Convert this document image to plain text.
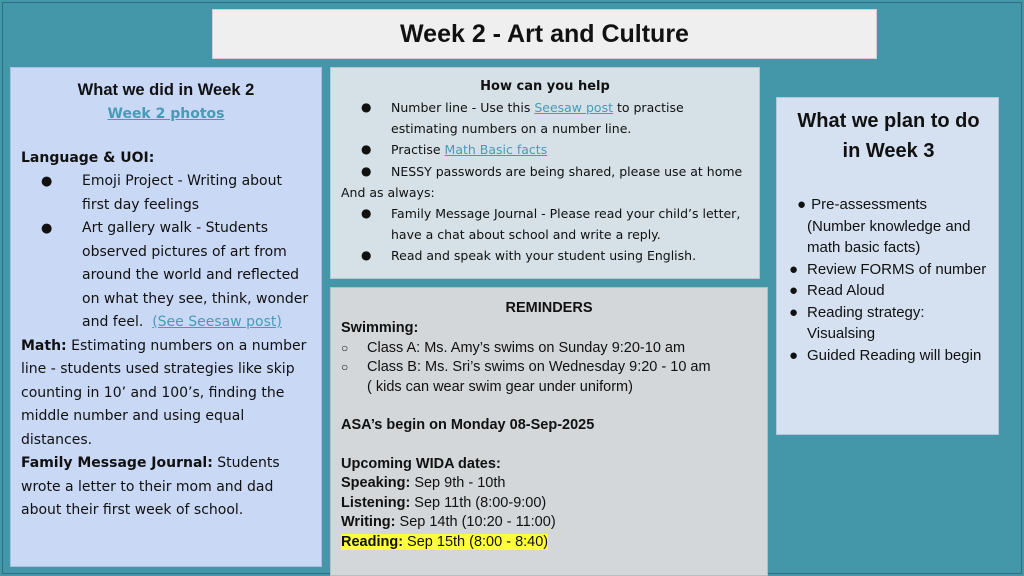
Week 2 - Art and Culture
What we did in Week 2
Week 2 photos
Language & UOI:
● Emoji Project - Writing about first day feelings
● Art gallery walk - Students observed pictures of art from around the world and reflected on what they see, think, wonder and feel. (See Seesaw post)
Math: Estimating numbers on a number line - students used strategies like skip counting in 10’ and 100’s, finding the middle number and using equal distances.
Family Message Journal: Students wrote a letter to their mom and dad about their first week of school.
How can you help
● Number line - Use this Seesaw post to practise estimating numbers on a number line.
● Practise Math Basic facts
● NESSY passwords are being shared, please use at home
And as always:
● Family Message Journal - Please read your child’s letter, have a chat about school and write a reply.
● Read and speak with your student using English.
REMINDERS
Swimming:
○ Class A: Ms. Amy’s swims on Sunday 9:20-10 am
○ Class B: Ms. Sri’s swims on Wednesday 9:20 - 10 am
( kids can wear swim gear under uniform)
ASA’s begin on Monday 08-Sep-2025
Upcoming WIDA dates:
Speaking: Sep 9th - 10th
Listening: Sep 11th (8:00-9:00)
Writing: Sep 14th (10:20 - 11:00)
Reading: Sep 15th (8:00 - 8:40)
What we plan to do in Week 3
● Pre-assessments (Number knowledge and math basic facts)
● Review FORMS of number
● Read Aloud
● Reading strategy: Visualsing
● Guided Reading will begin
